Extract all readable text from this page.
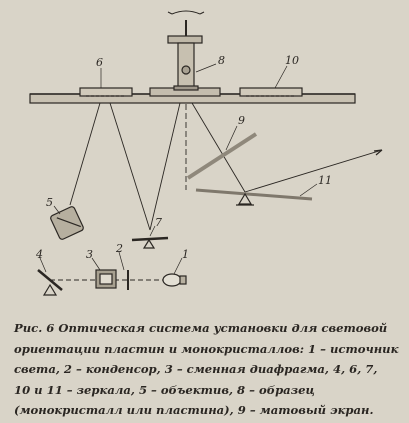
6	10
8
9
11
5
7
4	3 2	1
Рис. 6 Оптическая система установки для световой
ориентации пластин и монокристаллов: 1 – источник
света, 2 – конденсор, 3 – сменная диафрагма, 4, 6, 7,
10 и 11 – зеркала, 5 – объектив, 8 – образец
(монокристалл или пластина), 9 – матовый экран.
